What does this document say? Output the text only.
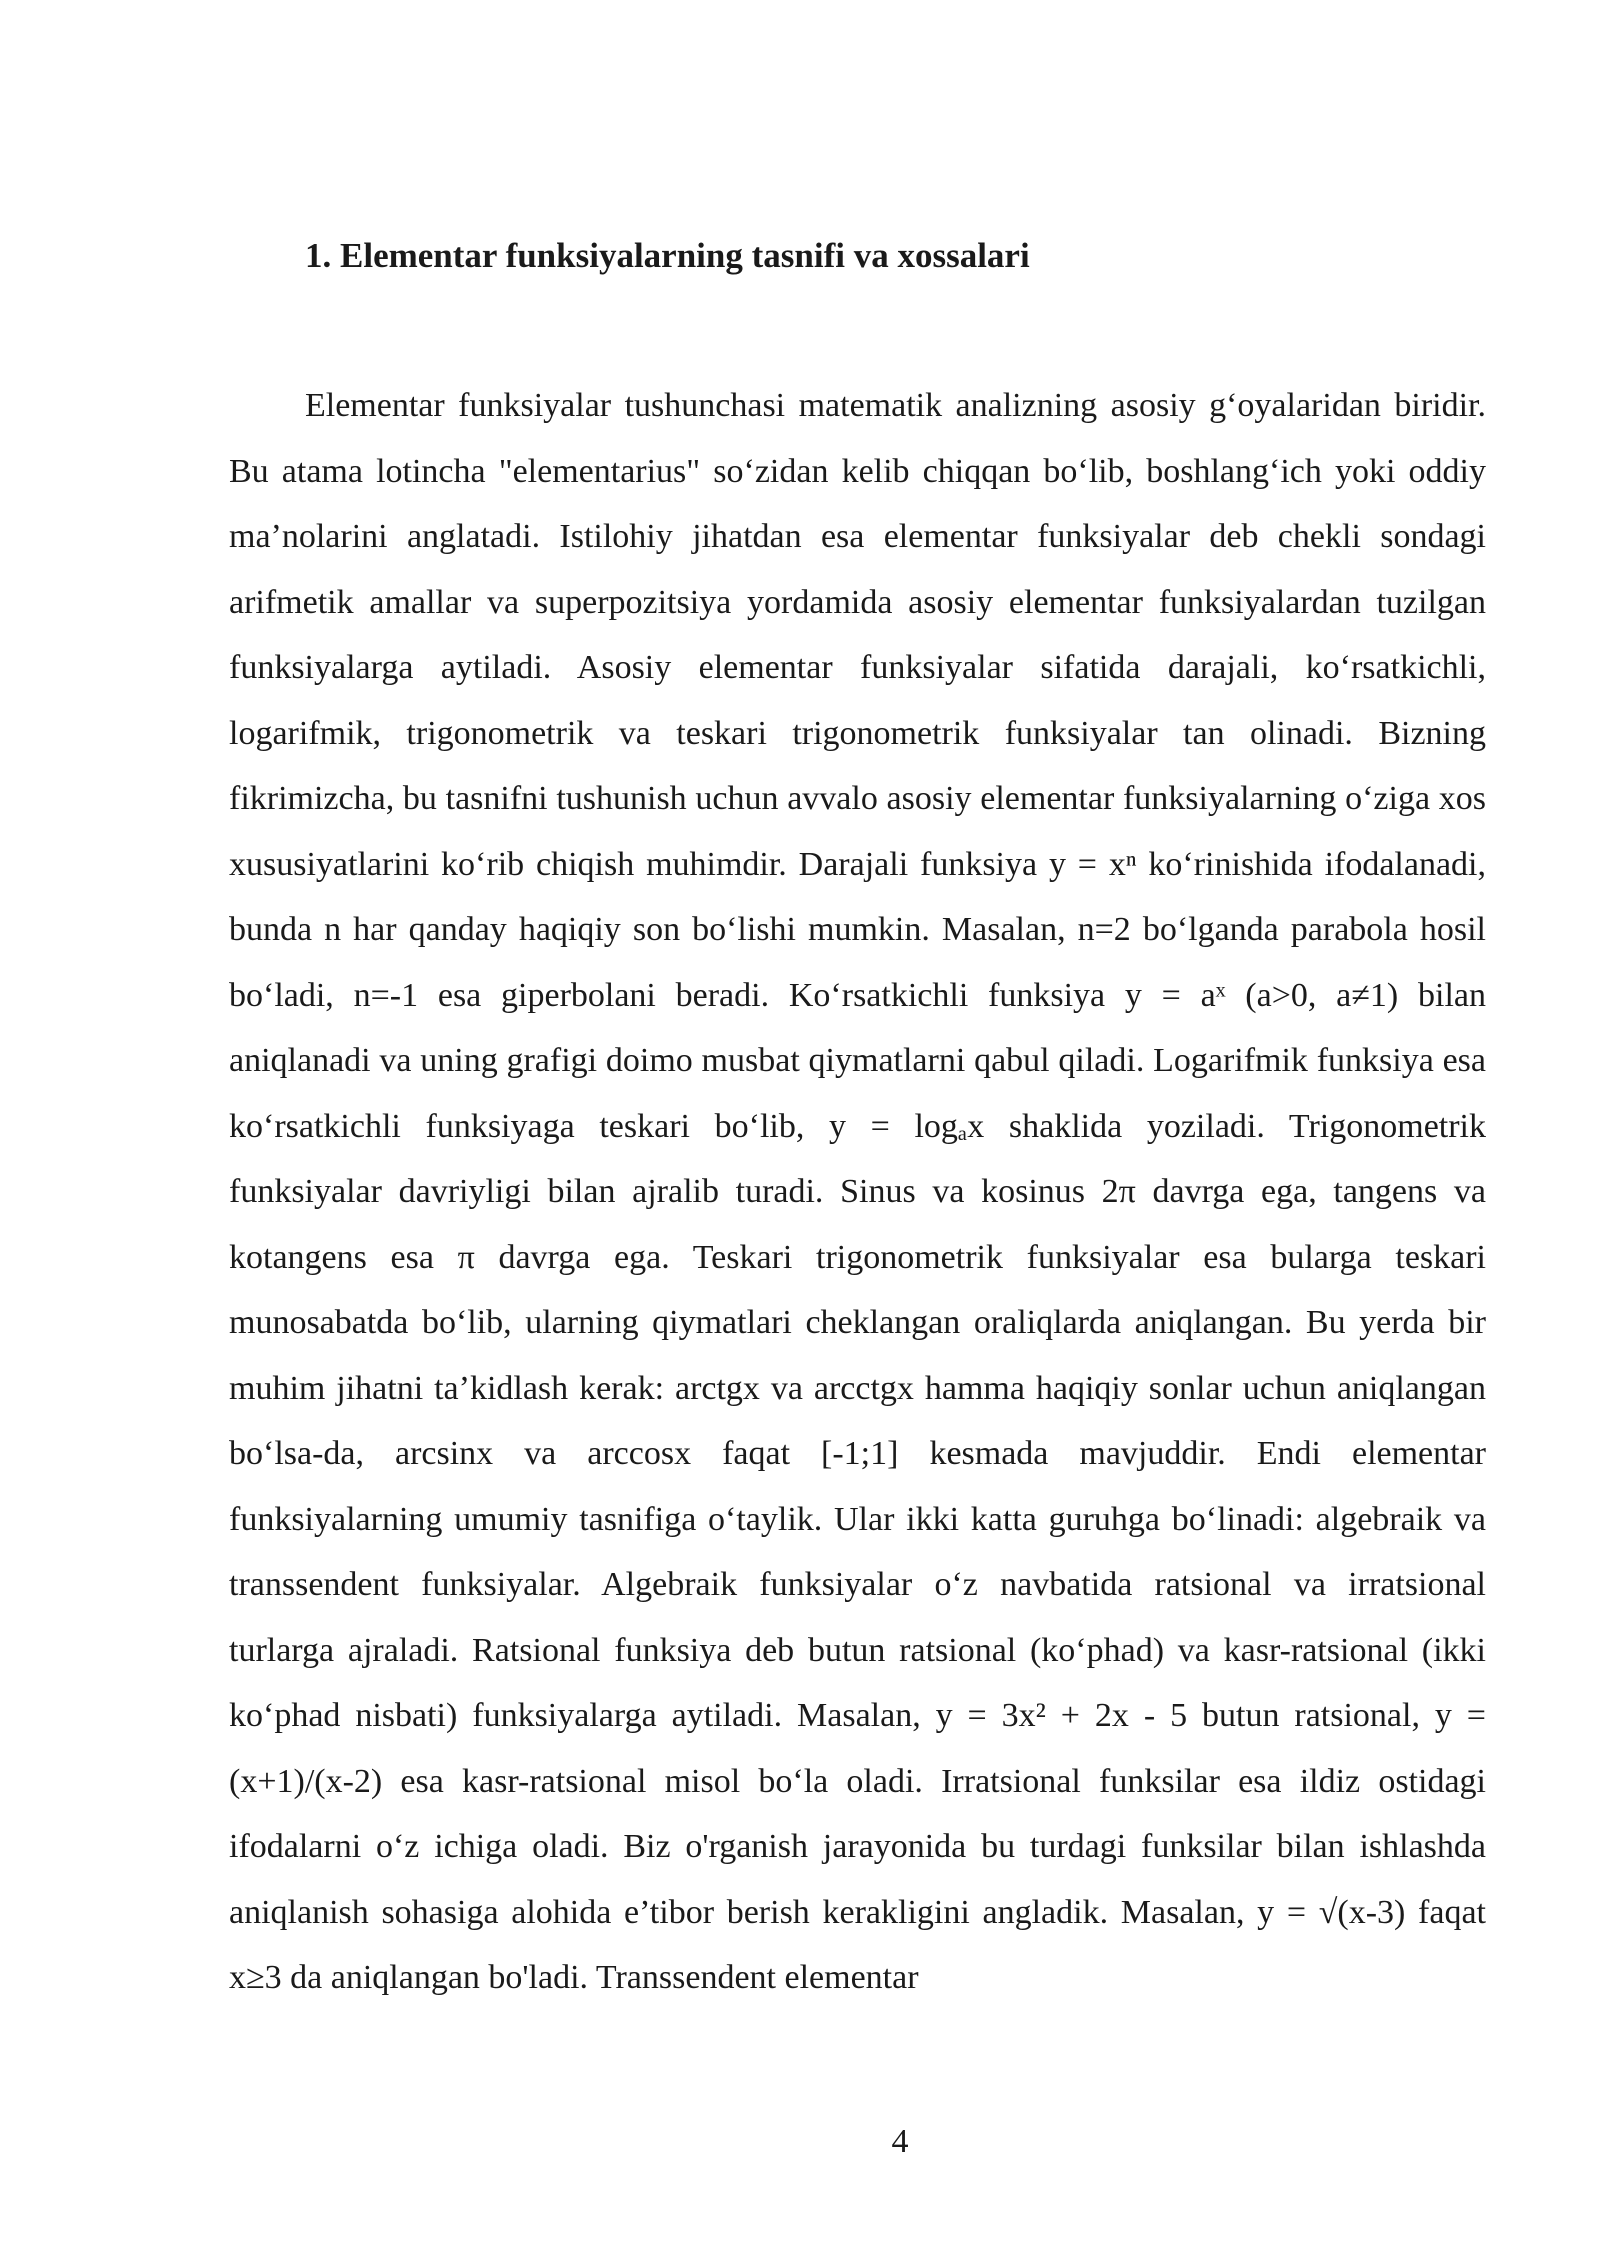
1. Elementar funksiyalarning tasnifi va xossalari

Elementar funksiyalar tushunchasi matematik analizning asosiy g‘oyalaridan biridir. Bu atama lotincha "elementarius" so‘zidan kelib chiqqan bo‘lib, boshlang‘ich yoki oddiy ma’nolarini anglatadi. Istilohiy jihatdan esa elementar funksiyalar deb chekli sondagi arifmetik amallar va superpozitsiya yordamida asosiy elementar funksiyalardan tuzilgan funksiyalarga aytiladi. Asosiy elementar funksiyalar sifatida darajali, ko‘rsatkichli, logarifmik, trigonometrik va teskari trigonometrik funksiyalar tan olinadi. Bizning fikrimizcha, bu tasnifni tushunish uchun avvalo asosiy elementar funksiyalarning o‘ziga xos xususiyatlarini ko‘rib chiqish muhimdir. Darajali funksiya y = xⁿ ko‘rinishida ifodalanadi, bunda n har qanday haqiqiy son bo‘lishi mumkin. Masalan, n=2 bo‘lganda parabola hosil bo‘ladi, n=-1 esa giperbolani beradi. Ko‘rsatkichli funksiya y = aˣ (a>0, a≠1) bilan aniqlanadi va uning grafigi doimo musbat qiymatlarni qabul qiladi. Logarifmik funksiya esa ko‘rsatkichli funksiyaga teskari bo‘lib, y = logₐx shaklida yoziladi. Trigonometrik funksiyalar davriyligi bilan ajralib turadi. Sinus va kosinus 2π davrga ega, tangens va kotangens esa π davrga ega. Teskari trigonometrik funksiyalar esa bularga teskari munosabatda bo‘lib, ularning qiymatlari cheklangan oraliqlarda aniqlangan. Bu yerda bir muhim jihatni ta’kidlash kerak: arctgx va arcctgx hamma haqiqiy sonlar uchun aniqlangan bo‘lsa-da, arcsinx va arccosx faqat [-1;1] kesmada mavjuddir. Endi elementar funksiyalarning umumiy tasnifiga o‘taylik. Ular ikki katta guruhga bo‘linadi: algebraik va transsendent funksiyalar. Algebraik funksiyalar o‘z navbatida ratsional va irratsional turlarga ajraladi. Ratsional funksiya deb butun ratsional (ko‘phad) va kasr-ratsional (ikki ko‘phad nisbati) funksiyalarga aytiladi. Masalan, y = 3x² + 2x - 5 butun ratsional, y = (x+1)/(x-2) esa kasr-ratsional misol bo‘la oladi. Irratsional funksilar esa ildiz ostidagi ifodalarni o‘z ichiga oladi. Biz o'rganish jarayonida bu turdagi funksilar bilan ishlashda aniqlanish sohasiga alohida e’tibor berish kerakligini angladik. Masalan, y = √(x-3) faqat x≥3 da aniqlangan bo'ladi. Transsendent elementar

4
